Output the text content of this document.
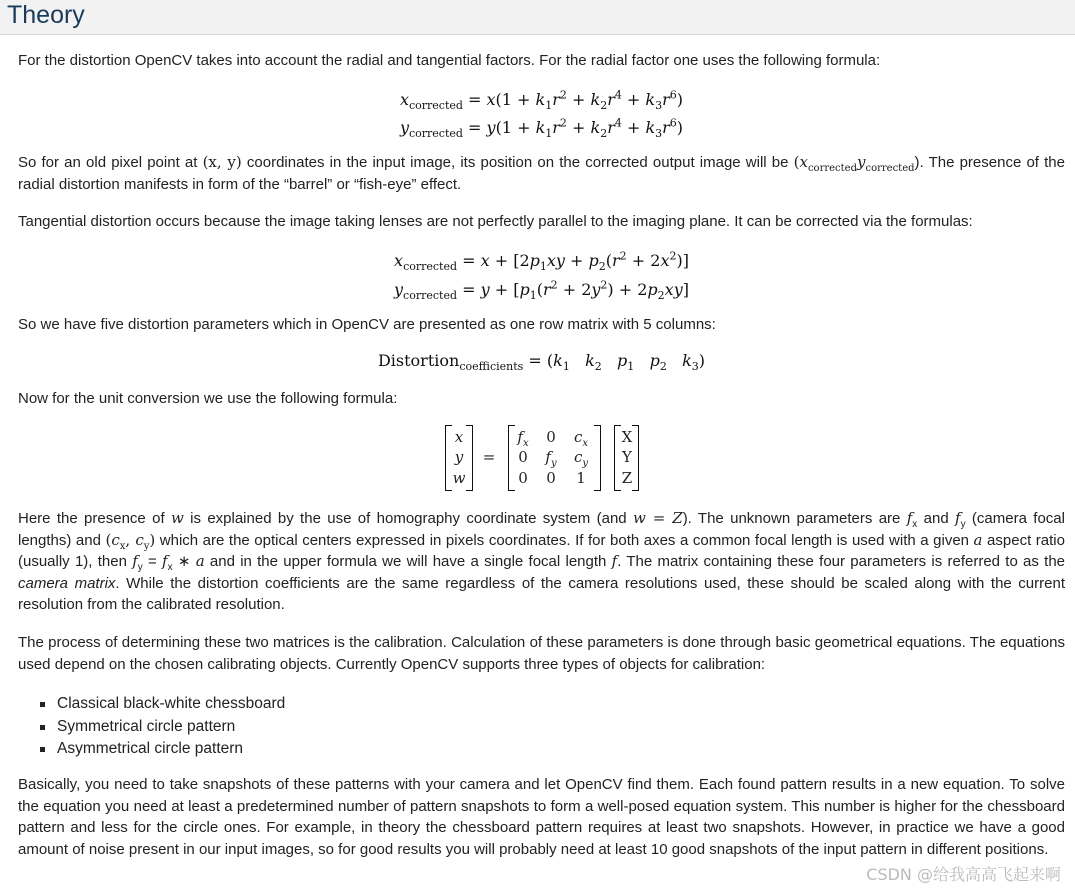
Theory

For the distortion OpenCV takes into account the radial and tangential factors. For the radial factor one uses the following formula:

$x_{corrected} = x(1 + k_1r^2 + k_2r^4 + k_3r^6)$
$y_{corrected} = y(1 + k_1r^2 + k_2r^4 + k_3r^6)$

So for an old pixel point at (x, y) coordinates in the input image, its position on the corrected output image will be $(x_{corrected}y_{corrected})$. The presence of the radial distortion manifests in form of the “barrel” or “fish-eye” effect.

Tangential distortion occurs because the image taking lenses are not perfectly parallel to the imaging plane. It can be corrected via the formulas:

$x_{corrected} = x + [2p_1xy + p_2(r^2 + 2x^2)]$
$y_{corrected} = y + [p_1(r^2 + 2y^2) + 2p_2xy]$

So we have five distortion parameters which in OpenCV are presented as one row matrix with 5 columns:

Distortion$_{coefficients}$ = ($k_1$ $k_2$ $p_1$ $p_2$ $k_3$)

Now for the unit conversion we use the following formula:

x
y
w
=
$f_x$	0	$c_x$
0	$f_y$	$c_y$
0	0	1
X
Y
Z

Here the presence of w is explained by the use of homography coordinate system (and w = Z). The unknown parameters are $f_x$ and $f_y$ (camera focal lengths) and ($c_x$, $c_y$) which are the optical centers expressed in pixels coordinates. If for both axes a common focal length is used with a given a aspect ratio (usually 1), then $f_y = f_x$ ∗ a and in the upper formula we will have a single focal length f. The matrix containing these four parameters is referred to as the camera matrix. While the distortion coefficients are the same regardless of the camera resolutions used, these should be scaled along with the current resolution from the calibrated resolution.

The process of determining these two matrices is the calibration. Calculation of these parameters is done through basic geometrical equations. The equations used depend on the chosen calibrating objects. Currently OpenCV supports three types of objects for calibration:

Classical black-white chessboard
Symmetrical circle pattern
Asymmetrical circle pattern

Basically, you need to take snapshots of these patterns with your camera and let OpenCV find them. Each found pattern results in a new equation. To solve the equation you need at least a predetermined number of pattern snapshots to form a well-posed equation system. This number is higher for the chessboard pattern and less for the circle ones. For example, in theory the chessboard pattern requires at least two snapshots. However, in practice we have a good amount of noise present in our input images, so for good results you will probably need at least 10 good snapshots of the input pattern in different positions.

CSDN @给我高高飞起来啊
